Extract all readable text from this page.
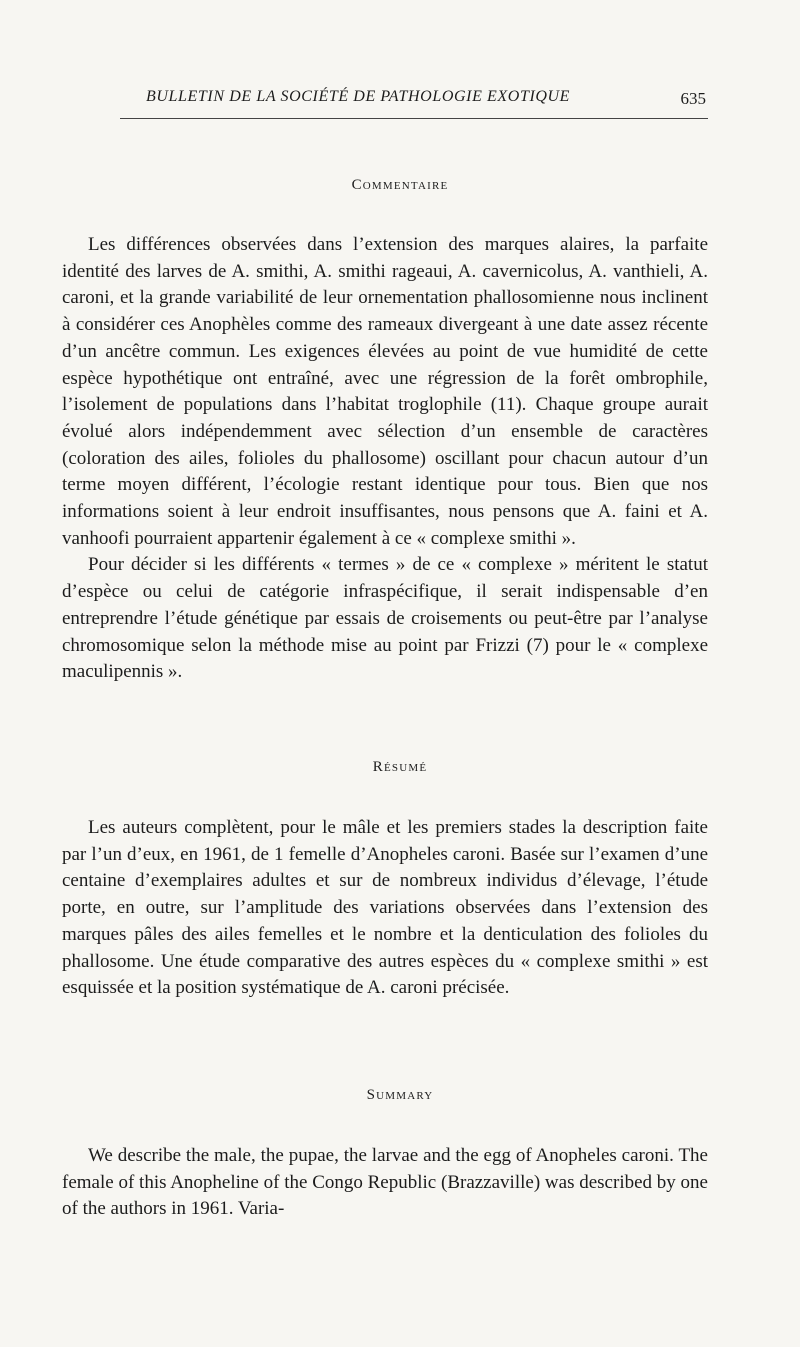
BULLETIN DE LA SOCIÉTÉ DE PATHOLOGIE EXOTIQUE	635
Commentaire

Les différences observées dans l’extension des marques alaires, la parfaite identité des larves de A. smithi, A. smithi rageaui, A. cavernicolus, A. vanthieli, A. caroni, et la grande variabilité de leur ornementation phallosomienne nous inclinent à considérer ces Anophèles comme des rameaux divergeant à une date assez récente d’un ancêtre commun. Les exigences élevées au point de vue humidité de cette espèce hypothétique ont entraîné, avec une régression de la forêt ombrophile, l’isolement de populations dans l’habitat troglophile (11). Chaque groupe aurait évolué alors indépendemment avec sélection d’un ensemble de caractères (coloration des ailes, folioles du phallosome) oscillant pour chacun autour d’un terme moyen différent, l’écologie restant identique pour tous. Bien que nos informations soient à leur endroit insuffisantes, nous pensons que A. faini et A. vanhoofi pourraient appartenir également à ce « complexe smithi ».

Pour décider si les différents « termes » de ce « complexe » méritent le statut d’espèce ou celui de catégorie infraspécifique, il serait indispensable d’en entreprendre l’étude génétique par essais de croisements ou peut-être par l’analyse chromosomique selon la méthode mise au point par Frizzi (7) pour le « complexe maculipennis ».

Résumé

Les auteurs complètent, pour le mâle et les premiers stades la description faite par l’un d’eux, en 1961, de 1 femelle d’Anopheles caroni. Basée sur l’examen d’une centaine d’exemplaires adultes et sur de nombreux individus d’élevage, l’étude porte, en outre, sur l’amplitude des variations observées dans l’extension des marques pâles des ailes femelles et le nombre et la denticulation des folioles du phallosome. Une étude comparative des autres espèces du « complexe smithi » est esquissée et la position systématique de A. caroni précisée.

Summary

We describe the male, the pupae, the larvae and the egg of Anopheles caroni. The female of this Anopheline of the Congo Republic (Brazzaville) was described by one of the authors in 1961. Varia-
